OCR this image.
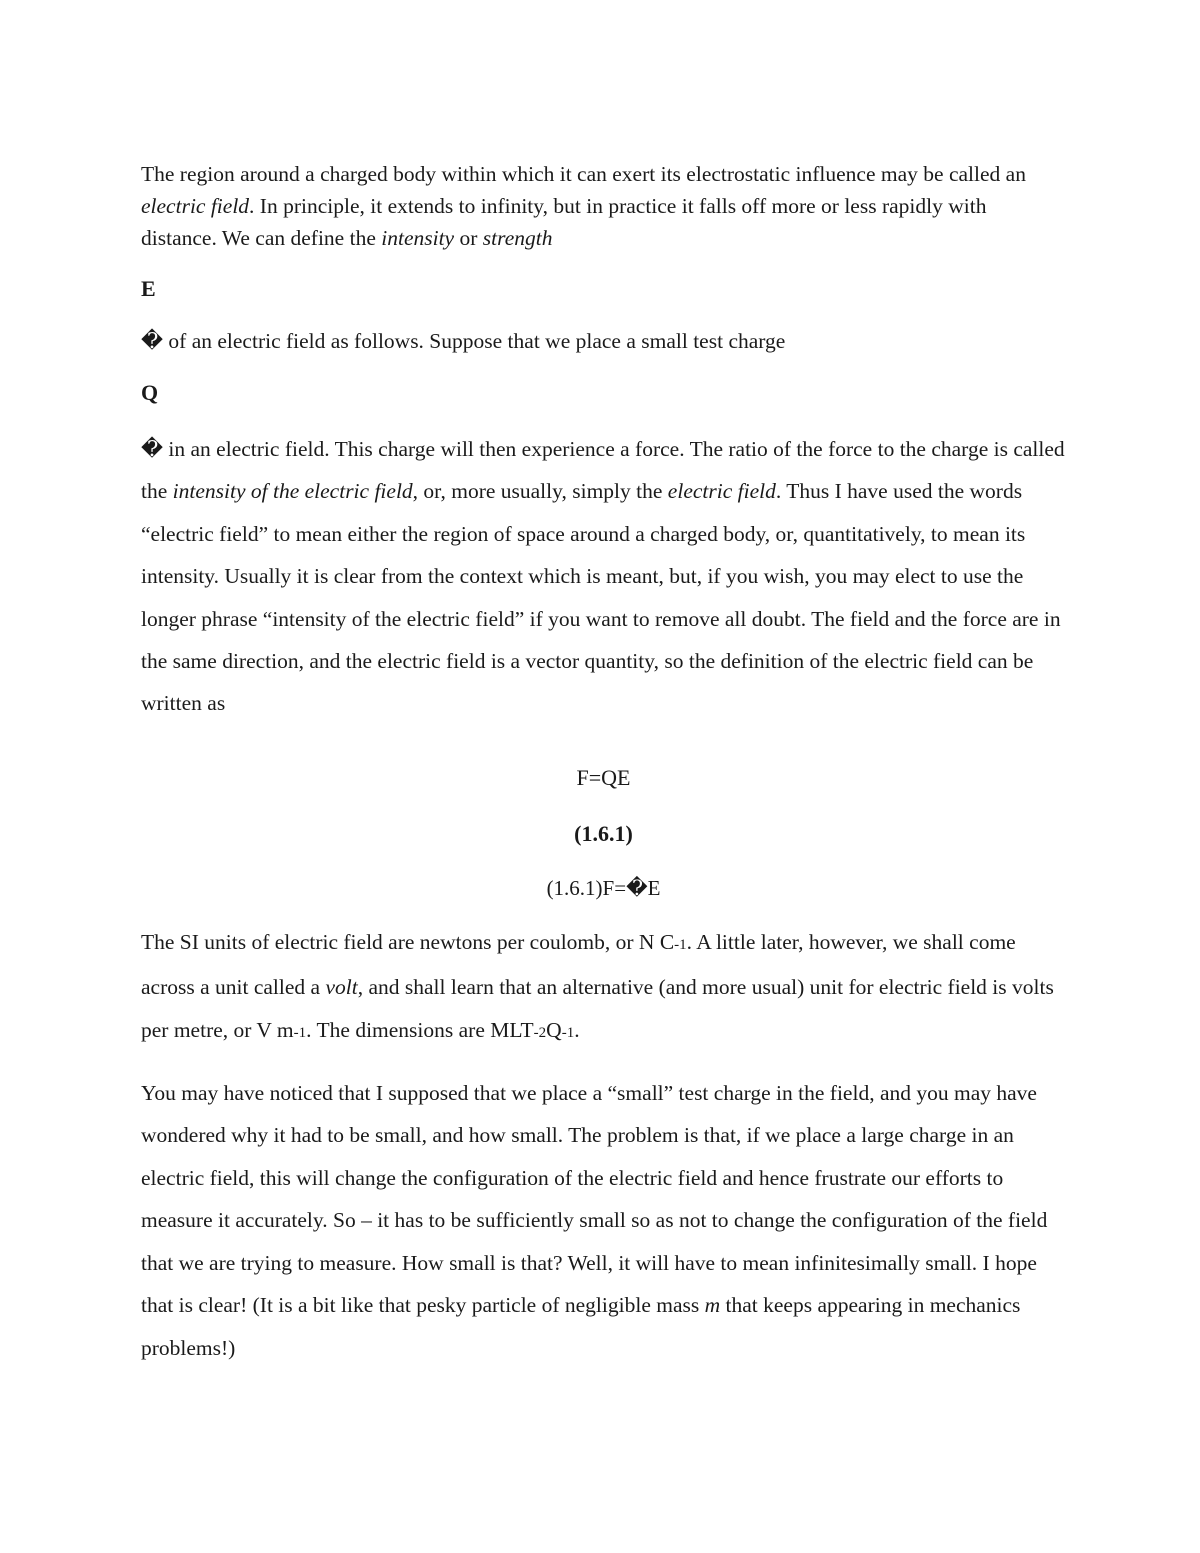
The region around a charged body within which it can exert its electrostatic influence may be called an electric field. In principle, it extends to infinity, but in practice it falls off more or less rapidly with distance. We can define the intensity or strength

E

� of an electric field as follows. Suppose that we place a small test charge

Q

� in an electric field. This charge will then experience a force. The ratio of the force to the charge is called the intensity of the electric field, or, more usually, simply the electric field. Thus I have used the words “electric field” to mean either the region of space around a charged body, or, quantitatively, to mean its intensity. Usually it is clear from the context which is meant, but, if you wish, you may elect to use the longer phrase “intensity of the electric field” if you want to remove all doubt. The field and the force are in the same direction, and the electric field is a vector quantity, so the definition of the electric field can be written as

F=QE

(1.6.1)

(1.6.1)F=�E

The SI units of electric field are newtons per coulomb, or N C-1. A little later, however, we shall come across a unit called a volt, and shall learn that an alternative (and more usual) unit for electric field is volts per metre, or V m-1. The dimensions are MLT-2Q-1.

You may have noticed that I supposed that we place a “small” test charge in the field, and you may have wondered why it had to be small, and how small. The problem is that, if we place a large charge in an electric field, this will change the configuration of the electric field and hence frustrate our efforts to measure it accurately. So – it has to be sufficiently small so as not to change the configuration of the field that we are trying to measure. How small is that? Well, it will have to mean infinitesimally small. I hope that is clear! (It is a bit like that pesky particle of negligible mass m that keeps appearing in mechanics problems!)
